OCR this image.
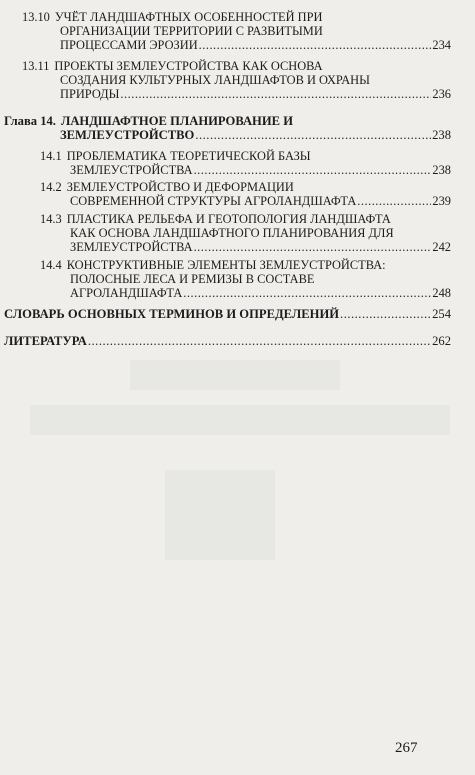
13.10 УЧЁТ ЛАНДШАФТНЫХ ОСОБЕННОСТЕЙ ПРИ
ОРГАНИЗАЦИИ ТЕРРИТОРИИ С РАЗВИТЫМИ
ПРОЦЕССАМИ ЭРОЗИИ .....	234
13.11 ПРОЕКТЫ ЗЕМЛЕУСТРОЙСТВА КАК ОСНОВА
СОЗДАНИЯ КУЛЬТУРНЫХ ЛАНДШАФТОВ И ОХРАНЫ
ПРИРОДЫ .....	236
Глава 14. ЛАНДШАФТНОЕ ПЛАНИРОВАНИЕ И
ЗЕМЛЕУСТРОЙСТВО .....	238
14.1 ПРОБЛЕМАТИКА ТЕОРЕТИЧЕСКОЙ БАЗЫ
ЗЕМЛЕУСТРОЙСТВА .....	238
14.2 ЗЕМЛЕУСТРОЙСТВО И ДЕФОРМАЦИИ
СОВРЕМЕННОЙ СТРУКТУРЫ АГРОЛАНДШАФТА .....	239
14.3 ПЛАСТИКА РЕЛЬЕФА И ГЕОТОПОЛОГИЯ ЛАНДШАФТА
КАК ОСНОВА ЛАНДШАФТНОГО ПЛАНИРОВАНИЯ ДЛЯ
ЗЕМЛЕУСТРОЙСТВА .....	242
14.4 КОНСТРУКТИВНЫЕ ЭЛЕМЕНТЫ ЗЕМЛЕУСТРОЙСТВА:
ПОЛОСНЫЕ ЛЕСА И РЕМИЗЫ В СОСТАВЕ
АГРОЛАНДШАФТА .....	248
СЛОВАРЬ ОСНОВНЫХ ТЕРМИНОВ И ОПРЕДЕЛЕНИЙ .....	254
ЛИТЕРАТУРА .....	262
267
